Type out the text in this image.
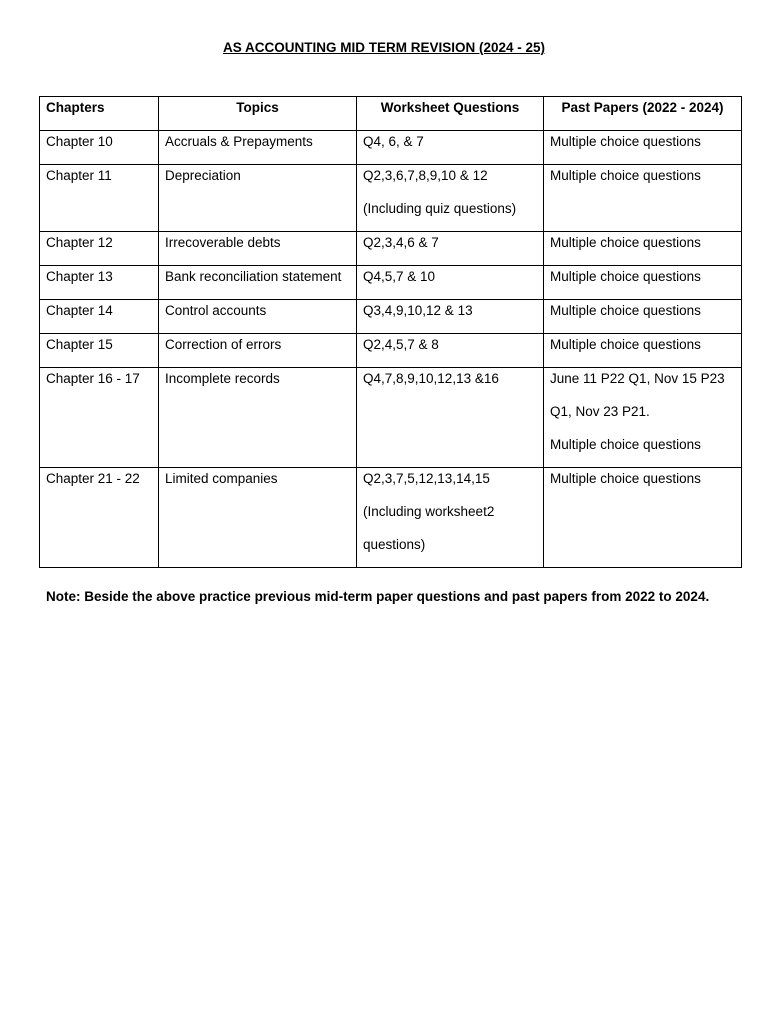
AS ACCOUNTING MID TERM REVISION (2024 - 25)
Chapters	Topics	Worksheet Questions	Past Papers (2022 - 2024)

Chapter 10	Accruals & Prepayments	Q4, 6, & 7	Multiple choice questions

Chapter 11	Depreciation	Q2,3,6,7,8,9,10 & 12
(Including quiz questions)	Multiple choice questions

Chapter 12	Irrecoverable debts	Q2,3,4,6 & 7	Multiple choice questions

Chapter 13	Bank reconciliation statement	Q4,5,7 & 10	Multiple choice questions

Chapter 14	Control accounts	Q3,4,9,10,12 & 13	Multiple choice questions

Chapter 15	Correction of errors	Q2,4,5,7 & 8	Multiple choice questions

Chapter 16 - 17	Incomplete records	Q4,7,8,9,10,12,13 &16	June 11 P22 Q1, Nov 15 P23
Q1, Nov 23 P21.
Multiple choice questions

Chapter 21 - 22	Limited companies	Q2,3,7,5,12,13,14,15
(Including worksheet2
questions)	Multiple choice questions
Note: Beside the above practice previous mid-term paper questions and past papers from 2022 to 2024.
